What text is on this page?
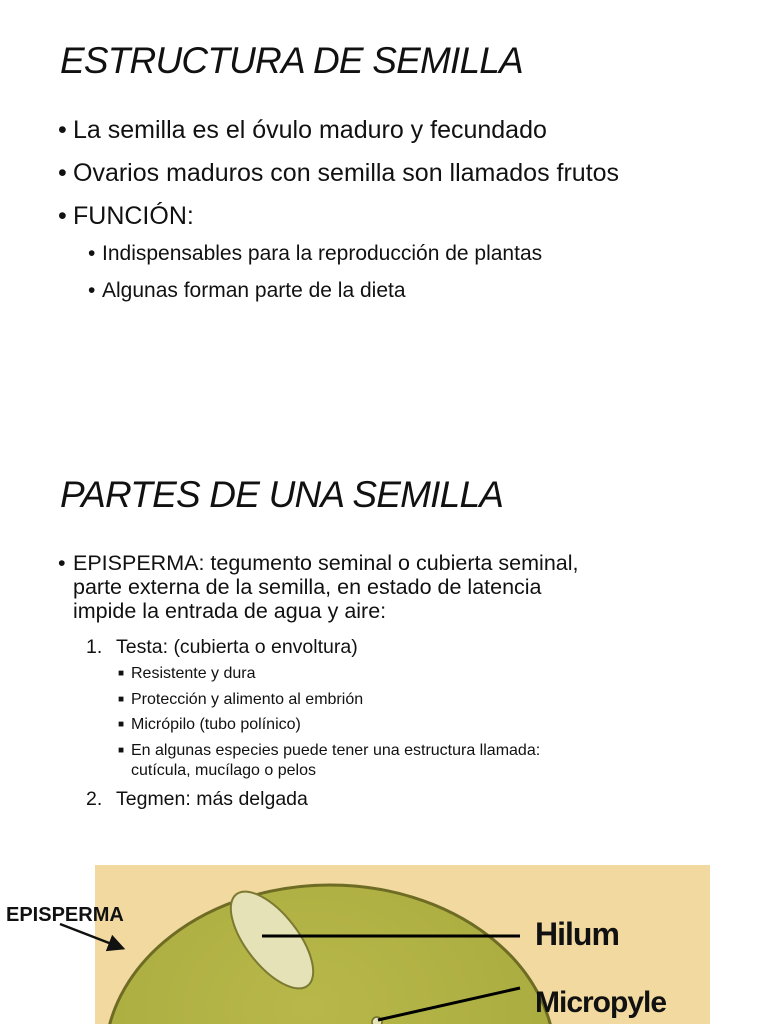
ESTRUCTURA DE SEMILLA
• La semilla es el óvulo maduro y fecundado
• Ovarios maduros con semilla son llamados frutos
• FUNCIÓN:
• Indispensables para la reproducción de plantas
• Algunas forman parte de la dieta
PARTES DE UNA SEMILLA
• EPISPERMA: tegumento seminal o cubierta seminal,
parte externa de la semilla, en estado de latencia
impide la entrada de agua y aire:
1. Testa: (cubierta o envoltura)
■ Resistente y dura
■ Protección y alimento al embrión
■ Micrópilo (tubo polínico)
■ En algunas especies puede tener una estructura llamada:
cutícula, mucílago o pelos
2. Tegmen: más delgada
EPISPERMA
Hilum
Micropyle
